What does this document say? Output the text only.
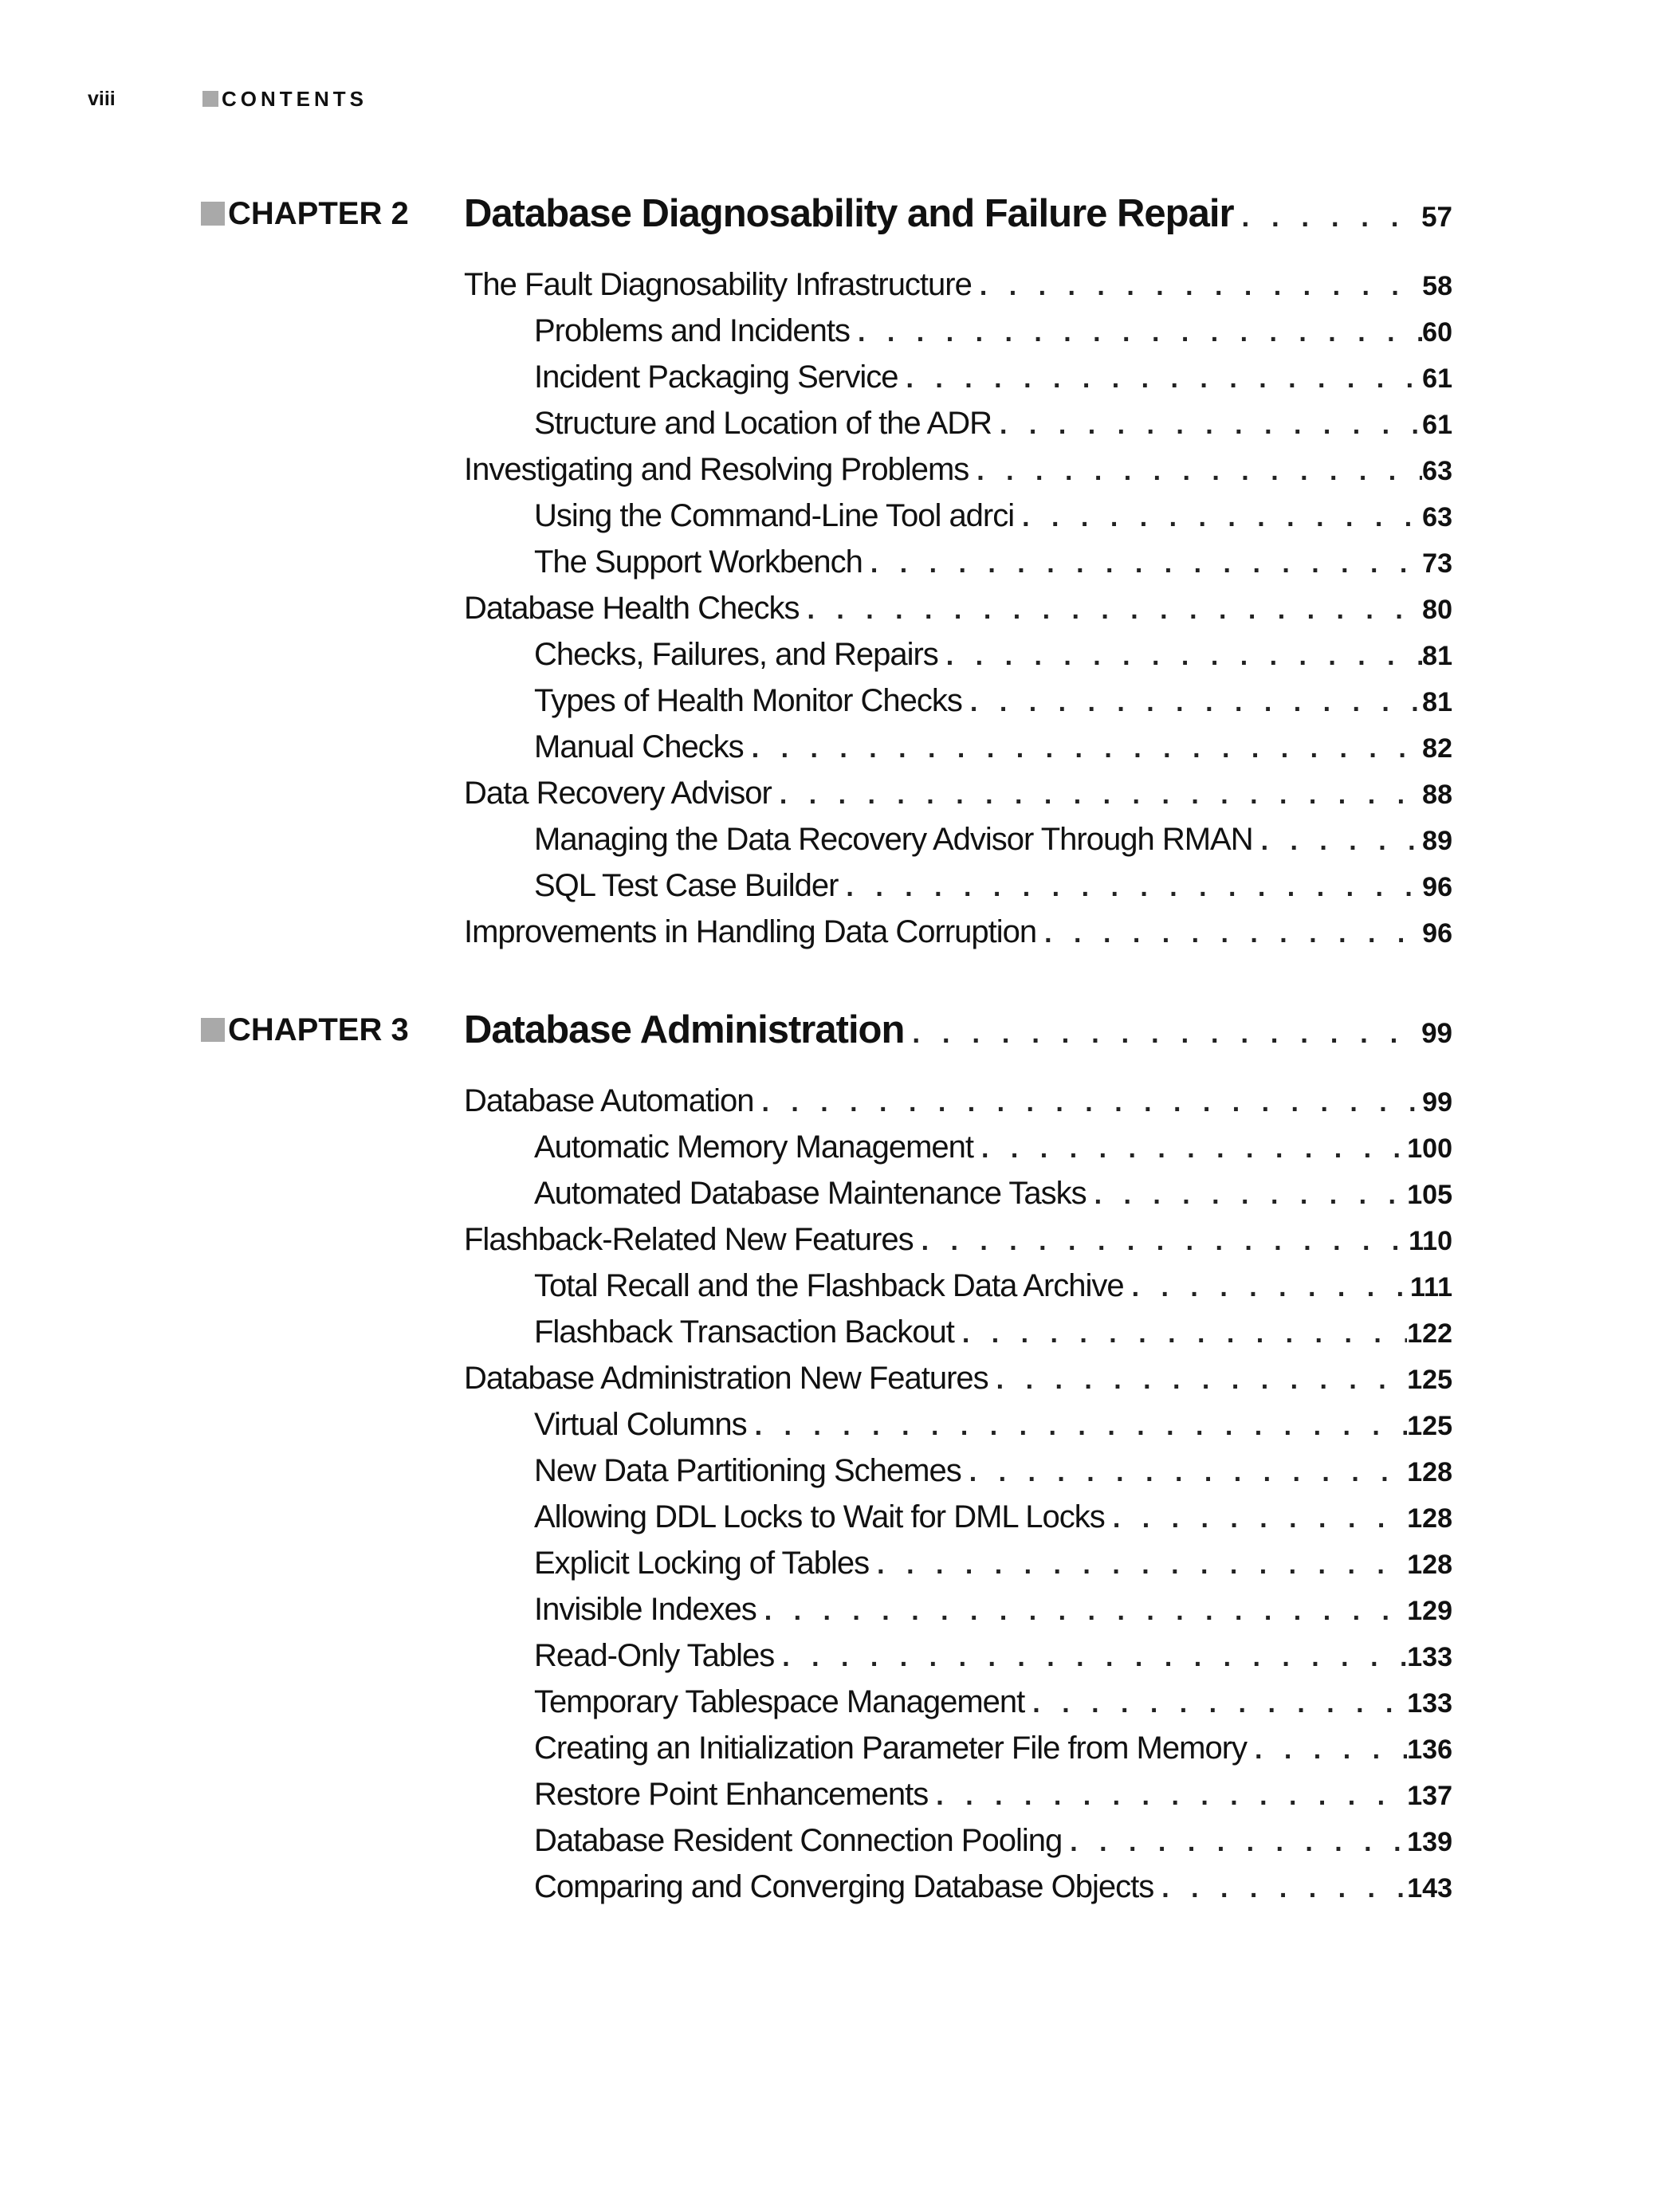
viii	CONTENTS
CHAPTER 2 Database Diagnosability and Failure Repair . . .	57
The Fault Diagnosability Infrastructure . . .	58
Problems and Incidents . . .	60
Incident Packaging Service . . .	61
Structure and Location of the ADR . . .	61
Investigating and Resolving Problems . . .	63
Using the Command-Line Tool adrci . . .	63
The Support Workbench . . .	73
Database Health Checks . . .	80
Checks, Failures, and Repairs . . .	81
Types of Health Monitor Checks . . .	81
Manual Checks . . .	82
Data Recovery Advisor . . .	88
Managing the Data Recovery Advisor Through RMAN . . .	89
SQL Test Case Builder . . .	96
Improvements in Handling Data Corruption . . .	96
CHAPTER 3 Database Administration . . .	99
Database Automation . . .	99
Automatic Memory Management . . .	100
Automated Database Maintenance Tasks . . .	105
Flashback-Related New Features . . .	110
Total Recall and the Flashback Data Archive . . .	111
Flashback Transaction Backout . . .	122
Database Administration New Features . . .	125
Virtual Columns . . .	125
New Data Partitioning Schemes . . .	128
Allowing DDL Locks to Wait for DML Locks . . .	128
Explicit Locking of Tables . . .	128
Invisible Indexes . . .	129
Read-Only Tables . . .	133
Temporary Tablespace Management . . .	133
Creating an Initialization Parameter File from Memory . . .	136
Restore Point Enhancements . . .	137
Database Resident Connection Pooling . . .	139
Comparing and Converging Database Objects . . .	143
